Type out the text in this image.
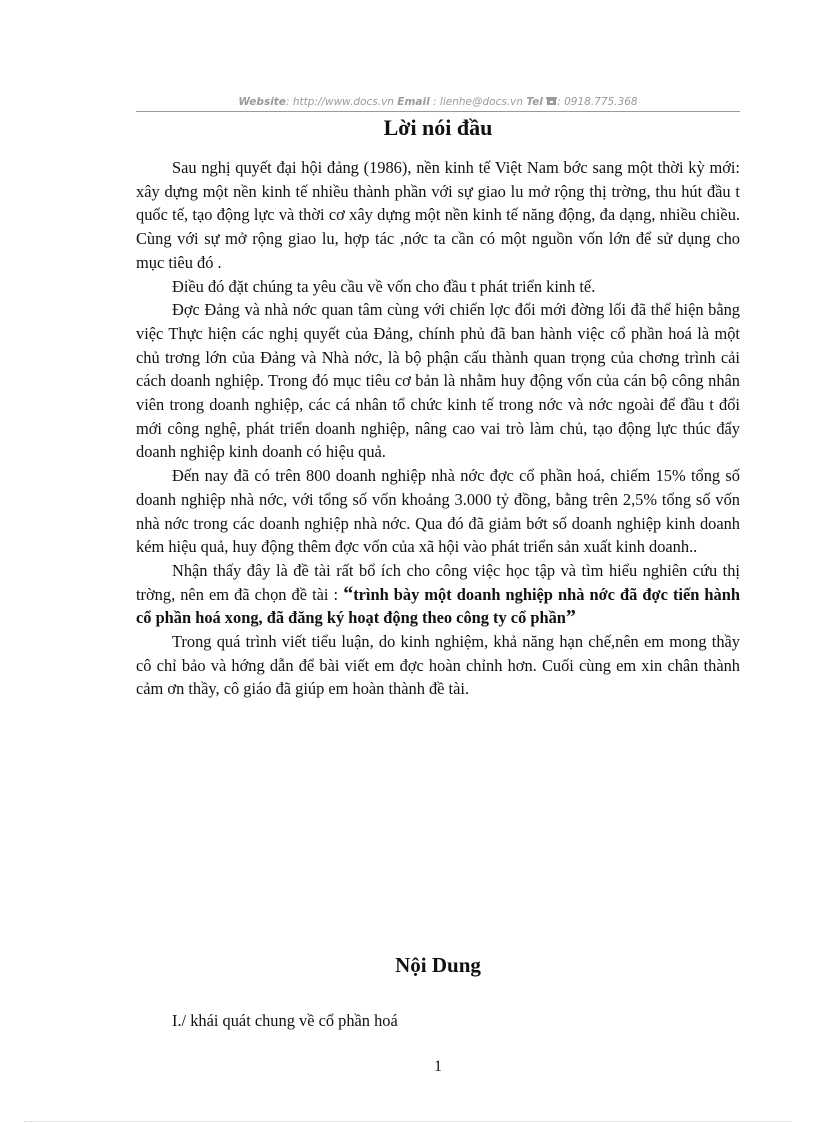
Website: http://www.docs.vn Email : lienhe@docs.vn Tel : 0918.775.368
Lời nói đầu

Sau nghị quyết đại hội đảng (1986), nền kinh tế Việt Nam bớc sang một thời kỳ mới: xây dựng một nền kinh tế nhiều thành phần với sự giao lu mở rộng thị trờng, thu hút đầu t quốc tế, tạo động lực và thời cơ xây dựng một nền kinh tế năng động, đa dạng, nhiều chiều. Cùng với sự mở rộng giao lu, hợp tác ,nớc ta cần có một nguồn vốn lớn để sử dụng cho mục tiêu đó .

Điều đó đặt chúng ta yêu cầu về vốn cho đầu t phát triển kinh tế.

Đợc Đảng và nhà nớc quan tâm cùng với chiến lợc đổi mới đờng lối đã thể hiện bằng việc Thực hiện các nghị quyết của Đảng, chính phủ đã ban hành việc cổ phần hoá là một chủ trơng lớn của Đảng và Nhà nớc, là bộ phận cấu thành quan trọng của chơng trình cải cách doanh nghiệp. Trong đó mục tiêu cơ bản là nhằm huy động vốn của cán bộ công nhân viên trong doanh nghiệp, các cá nhân tổ chức kinh tế trong nớc và nớc ngoài để đầu t đổi mới công nghệ, phát triển doanh nghiệp, nâng cao vai trò làm chủ, tạo động lực thúc đẩy doanh nghiệp kinh doanh có hiệu quả.

Đến nay đã có trên 800 doanh nghiệp nhà nớc đợc cổ phần hoá, chiếm 15% tổng số doanh nghiệp nhà nớc, với tổng số vốn khoảng 3.000 tỷ đồng, bằng trên 2,5% tổng số vốn nhà nớc trong các doanh nghiệp nhà nớc. Qua đó đã giảm bớt số doanh nghiệp kinh doanh kém hiệu quả, huy động thêm đợc vốn của xã hội vào phát triển sản xuất kinh doanh..

Nhận thấy đây là đề tài rất bổ ích cho công việc học tập và tìm hiểu nghiên cứu thị trờng, nên em đã chọn đề tài : “trình bày một doanh nghiệp nhà nớc đã đợc tiến hành cổ phần hoá xong, đã đăng ký hoạt động theo công ty cổ phần”

Trong quá trình viết tiểu luận, do kinh nghiệm, khả năng hạn chế,nên em mong thầy cô chỉ bảo và hớng dẫn để bài viết em đợc hoàn chỉnh hơn. Cuối cùng em xin chân thành cảm ơn thầy, cô giáo đã giúp em hoàn thành đề tài.

Nội Dung
I./ khái quát chung về cổ phần hoá
1
